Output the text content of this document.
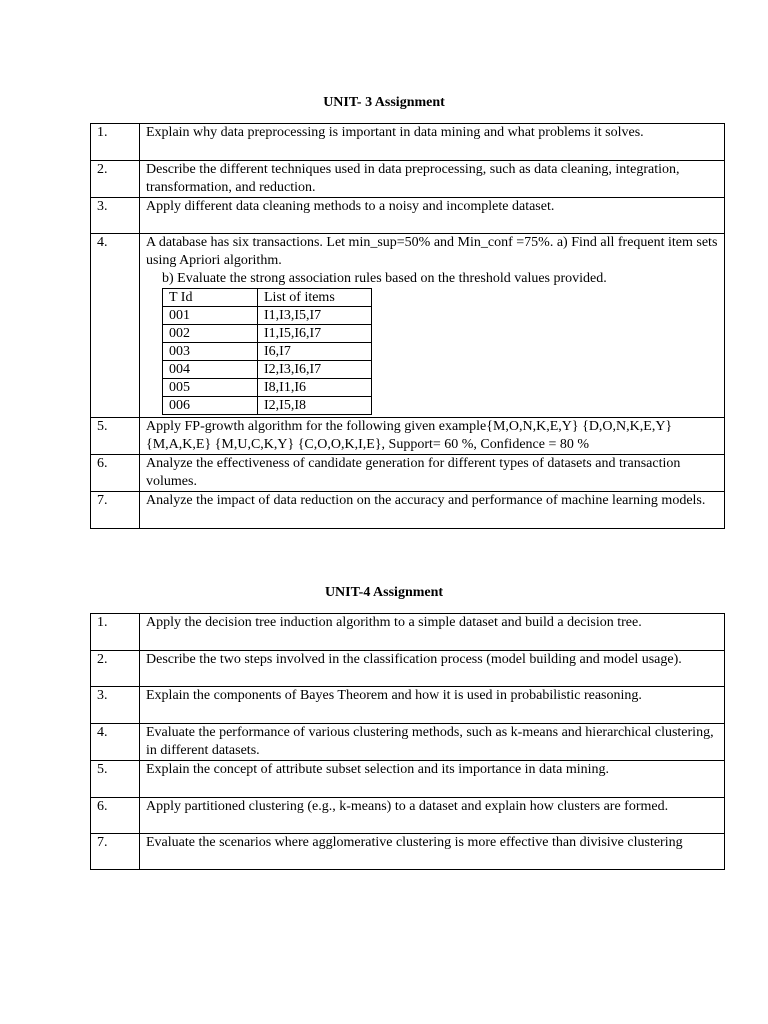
UNIT- 3 Assignment
1.	Explain why data preprocessing is important in data mining and what problems it solves.
2.	Describe the different techniques used in data preprocessing, such as data cleaning, integration, transformation, and reduction.
3.	Apply different data cleaning methods to a noisy and incomplete dataset.
4.	A database has six transactions. Let min_sup=50% and Min_conf =75%. a) Find all frequent item sets using Apriori algorithm.
b) Evaluate the strong association rules based on the threshold values provided.
T Id	List of items
001	I1,I3,I5,I7
002	I1,I5,I6,I7
003	I6,I7
004	I2,I3,I6,I7
005	I8,I1,I6
006	I2,I5,I8

5.	Apply FP-growth algorithm for the following given example{M,O,N,K,E,Y} {D,O,N,K,E,Y} {M,A,K,E} {M,U,C,K,Y} {C,O,O,K,I,E}, Support= 60 %, Confidence = 80 %
6.	Analyze the effectiveness of candidate generation for different types of datasets and transaction volumes.
7.	Analyze the impact of data reduction on the accuracy and performance of machine learning models.
UNIT-4 Assignment
1.	Apply the decision tree induction algorithm to a simple dataset and build a decision tree.
2.	Describe the two steps involved in the classification process (model building and model usage).
3.	Explain the components of Bayes Theorem and how it is used in probabilistic reasoning.
4.	Evaluate the performance of various clustering methods, such as k-means and hierarchical clustering, in different datasets.
5.	Explain the concept of attribute subset selection and its importance in data mining.
6.	Apply partitioned clustering (e.g., k-means) to a dataset and explain how clusters are formed.
7.	Evaluate the scenarios where agglomerative clustering is more effective than divisive clustering
